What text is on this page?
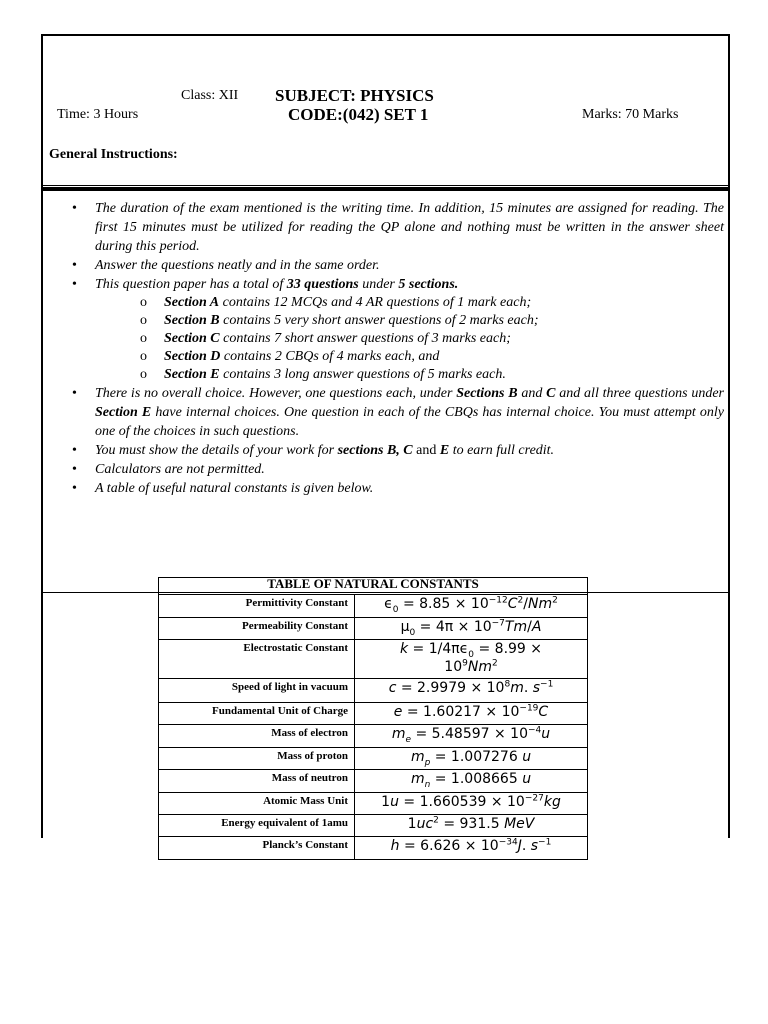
Class: XII SUBJECT: PHYSICS
CODE:(042) SET 1
Time: 3 Hours	Marks: 70 Marks
General Instructions:
• The duration of the exam mentioned is the writing time. In addition, 15 minutes are assigned for reading. The first 15 minutes must be utilized for reading the QP alone and nothing must be written in the answer sheet during this period.
• Answer the questions neatly and in the same order.
• This question paper has a total of 33 questions under 5 sections.
o Section A contains 12 MCQs and 4 AR questions of 1 mark each;
o Section B contains 5 very short answer questions of 2 marks each;
o Section C contains 7 short answer questions of 3 marks each;
o Section D contains 2 CBQs of 4 marks each, and
o Section E contains 3 long answer questions of 5 marks each.
• There is no overall choice. However, one questions each, under Sections B and C and all three questions under Section E have internal choices. One question in each of the CBQs has internal choice. You must attempt only one of the choices in such questions.
• You must show the details of your work for sections B, C and E to earn full credit.
• Calculators are not permitted.
• A table of useful natural constants is given below.
TABLE OF NATURAL CONSTANTS
Permittivity Constant	$\epsilon_0 = 8.85 \times 10^{-12}C^2/Nm^2$
Permeability Constant	$\mu_0 = 4\pi \times 10^{-7}Tm/A$
Electrostatic Constant	$k = 1/4\pi\epsilon_0 = 8.99$ ×
$10^9Nm^2$
Speed of light in vacuum	$c = 2.9979 \times 10^8m$. $s^{-1}$
Fundamental Unit of Charge	$e = 1.60217 \times 10^{-19}C$
Mass of electron	$m_e = 5.48597 \times 10^{-4}u$
Mass of proton	$m_p = 1.007276$ u
Mass of neutron	$m_n = 1.008665$ u
Atomic Mass Unit	$1u = 1.660539 \times 10^{-27}kg$
Energy equivalent of 1amu	$1uc^2 = 931.5$ MeV
Planck’s Constant	$h = 6.626 \times 10^{-34}J$. $s^{-1}$
